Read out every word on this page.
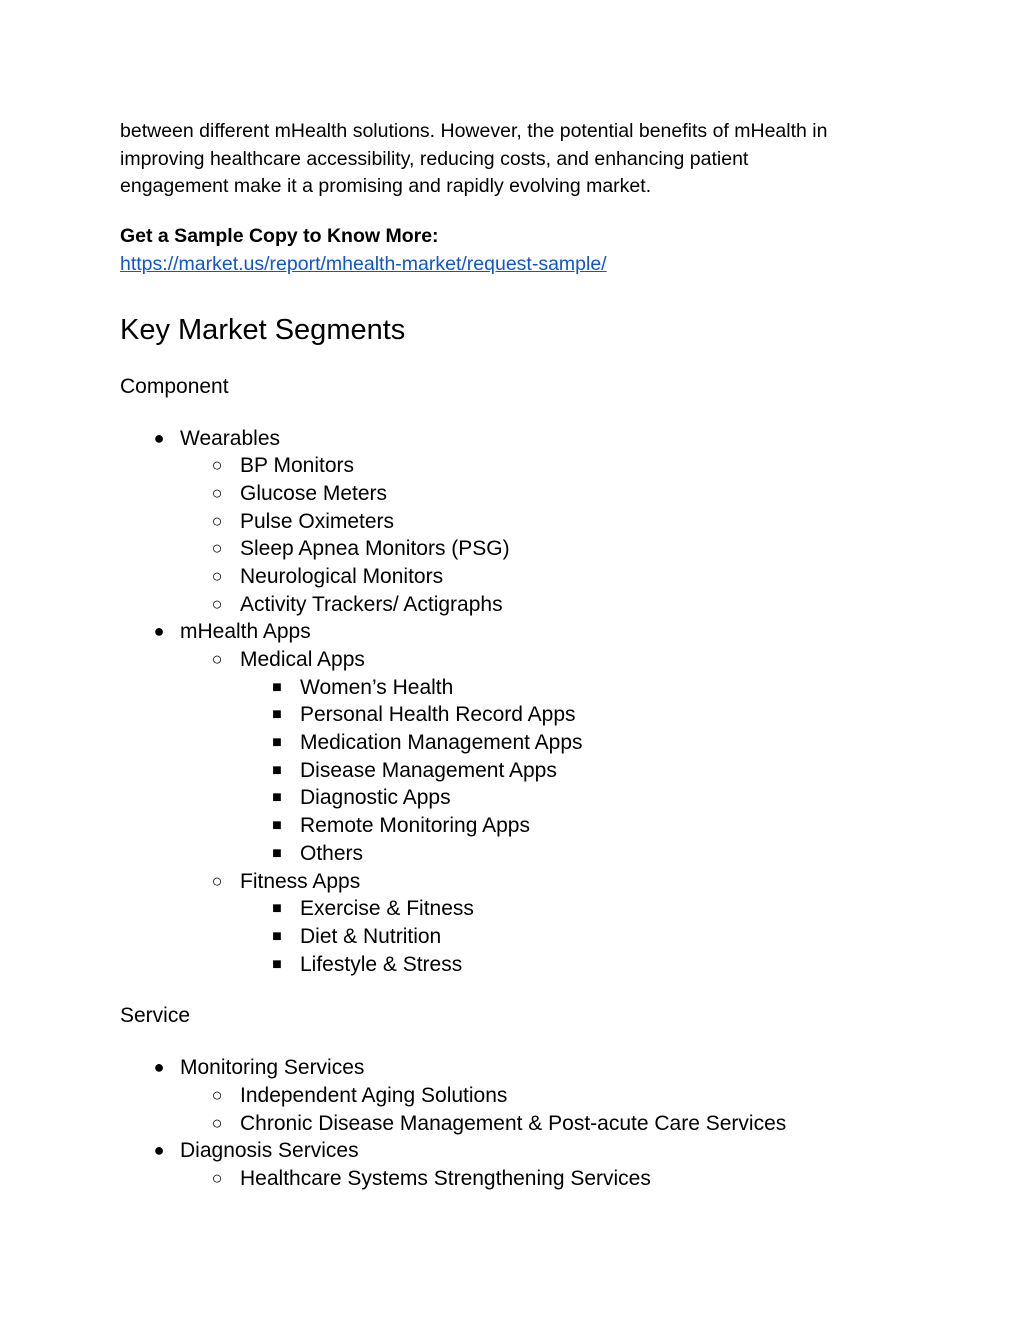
between different mHealth solutions. However, the potential benefits of mHealth in

improving healthcare accessibility, reducing costs, and enhancing patient

engagement make it a promising and rapidly evolving market.

Get a Sample Copy to Know More:
https://market.us/report/mhealth-market/request-sample/
Key Market Segments

Component

● Wearables
○ BP Monitors
○ Glucose Meters
○ Pulse Oximeters
○ Sleep Apnea Monitors (PSG)
○ Neurological Monitors
○ Activity Trackers/ Actigraphs
● mHealth Apps
○ Medical Apps
■ Women’s Health
■ Personal Health Record Apps
■ Medication Management Apps
■ Disease Management Apps
■ Diagnostic Apps
■ Remote Monitoring Apps
■ Others
○ Fitness Apps
■ Exercise & Fitness
■ Diet & Nutrition
■ Lifestyle & Stress

Service

● Monitoring Services
○ Independent Aging Solutions
○ Chronic Disease Management & Post-acute Care Services
● Diagnosis Services
○ Healthcare Systems Strengthening Services
